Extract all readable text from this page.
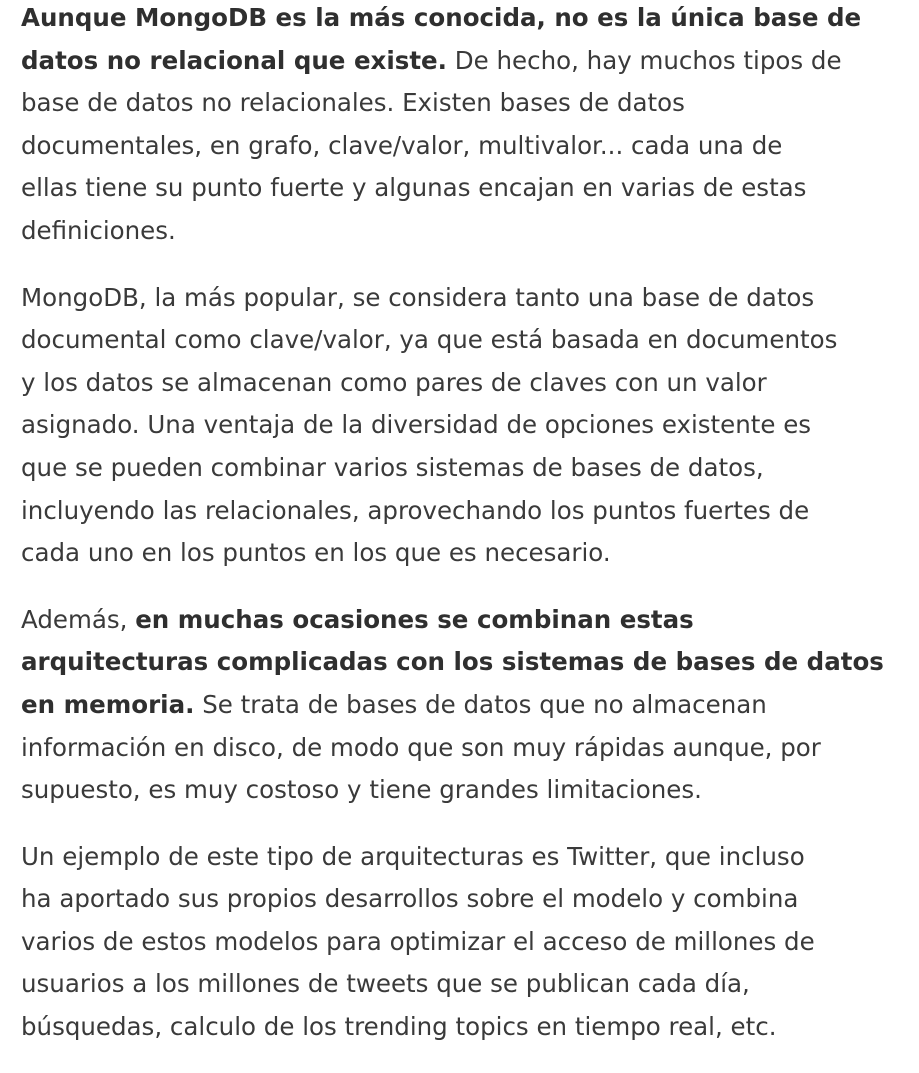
Aunque MongoDB es la más conocida, no es la única base de
datos no relacional que existe. De hecho, hay muchos tipos de
base de datos no relacionales. Existen bases de datos
documentales, en grafo, clave/valor, multivalor... cada una de
ellas tiene su punto fuerte y algunas encajan en varias de estas
definiciones.

MongoDB, la más popular, se considera tanto una base de datos
documental como clave/valor, ya que está basada en documentos
y los datos se almacenan como pares de claves con un valor
asignado. Una ventaja de la diversidad de opciones existente es
que se pueden combinar varios sistemas de bases de datos,
incluyendo las relacionales, aprovechando los puntos fuertes de
cada uno en los puntos en los que es necesario.

Además, en muchas ocasiones se combinan estas
arquitecturas complicadas con los sistemas de bases de datos
en memoria. Se trata de bases de datos que no almacenan
información en disco, de modo que son muy rápidas aunque, por
supuesto, es muy costoso y tiene grandes limitaciones.

Un ejemplo de este tipo de arquitecturas es Twitter, que incluso
ha aportado sus propios desarrollos sobre el modelo y combina
varios de estos modelos para optimizar el acceso de millones de
usuarios a los millones de tweets que se publican cada día,
búsquedas, calculo de los trending topics en tiempo real, etc.
